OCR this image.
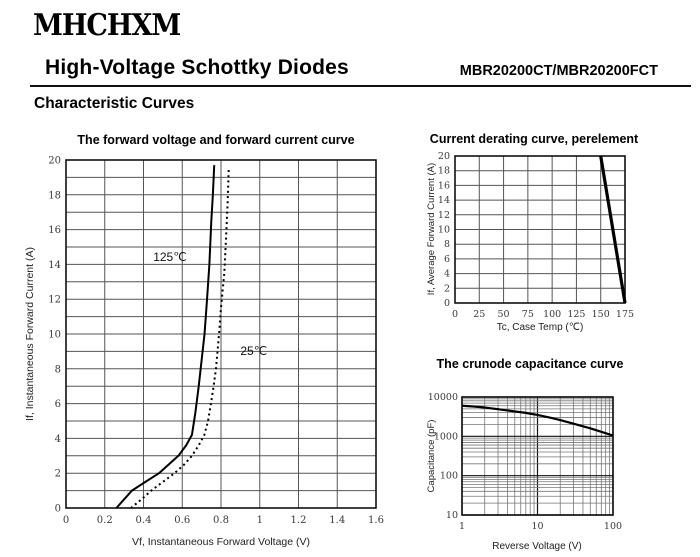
MHCHXM
High-Voltage Schottky Diodes	MBR20200CT/MBR20200FCT
Characteristic Curves
The forward voltage and forward current curve
0	0.2 0.4 0.6 0.8	1	1.2 1.4 1.6
0
2
4
6
8
10
12
14
16
18
20
125℃
25℃
Vf, Instantaneous Forward Voltage (V)
If, Instantaneous Forward Current (A)
Current derating curve, perelement
0 25 50 75 100 125 150 175
0
2
4
6
8
10
12
14
16
18
20
Tc, Case Temp (℃)
If, Average Forward Current (A)
The crunode capacitance curve
1	10	100
10
100
1000
10000
Reverse Voltage (V)
Capacitance (pF)
